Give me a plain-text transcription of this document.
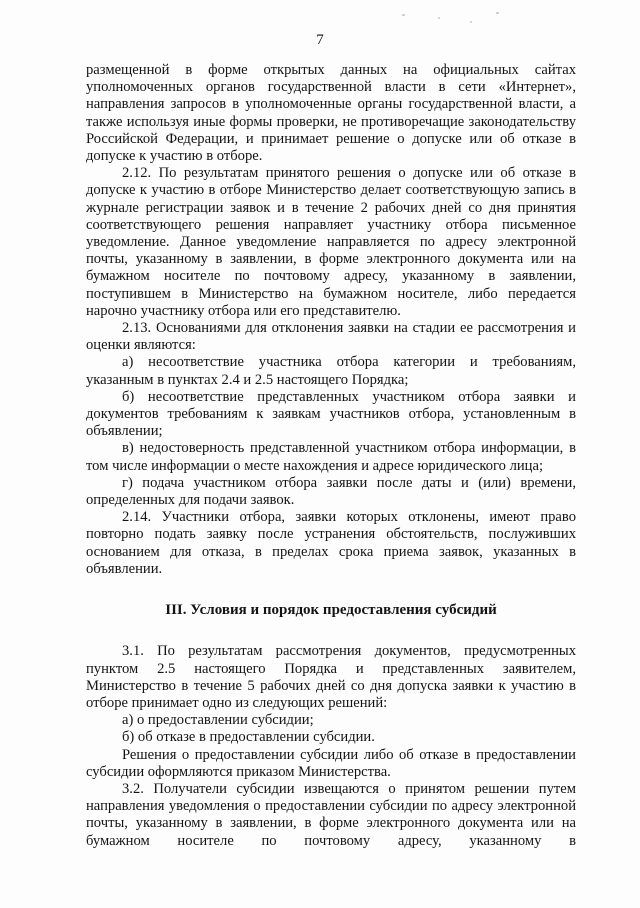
7

размещенной в форме открытых данных на официальных сайтах уполномоченных органов государственной власти в сети «Интернет», направления запросов в уполномоченные органы государственной власти, а также используя иные формы проверки, не противоречащие законодательству Российской Федерации, и принимает решение о допуске или об отказе в допуске к участию в отборе.

2.12. По результатам принятого решения о допуске или об отказе в допуске к участию в отборе Министерство делает соответствующую запись в журнале регистрации заявок и в течение 2 рабочих дней со дня принятия соответствующего решения направляет участнику отбора письменное уведомление. Данное уведомление направляется по адресу электронной почты, указанному в заявлении, в форме электронного документа или на бумажном носителе по почтовому адресу, указанному в заявлении, поступившем в Министерство на бумажном носителе, либо передается нарочно участнику отбора или его представителю.

2.13. Основаниями для отклонения заявки на стадии ее рассмотрения и оценки являются:

а) несоответствие участника отбора категории и требованиям, указанным в пунктах 2.4 и 2.5 настоящего Порядка;

б) несоответствие представленных участником отбора заявки и документов требованиям к заявкам участников отбора, установленным в объявлении;

в) недостоверность представленной участником отбора информации, в том числе информации о месте нахождения и адресе юридического лица;

г) подача участником отбора заявки после даты и (или) времени, определенных для подачи заявок.

2.14. Участники отбора, заявки которых отклонены, имеют право повторно подать заявку после устранения обстоятельств, послуживших основанием для отказа, в пределах срока приема заявок, указанных в объявлении.

III. Условия и порядок предоставления субсидий

3.1. По результатам рассмотрения документов, предусмотренных пунктом 2.5 настоящего Порядка и представленных заявителем, Министерство в течение 5 рабочих дней со дня допуска заявки к участию в отборе принимает одно из следующих решений:

а) о предоставлении субсидии;

б) об отказе в предоставлении субсидии.

Решения о предоставлении субсидии либо об отказе в предоставлении субсидии оформляются приказом Министерства.

3.2. Получатели субсидии извещаются о принятом решении путем направления уведомления о предоставлении субсидии по адресу электронной почты, указанному в заявлении, в форме электронного документа или на бумажном носителе по почтовому адресу, указанному в
